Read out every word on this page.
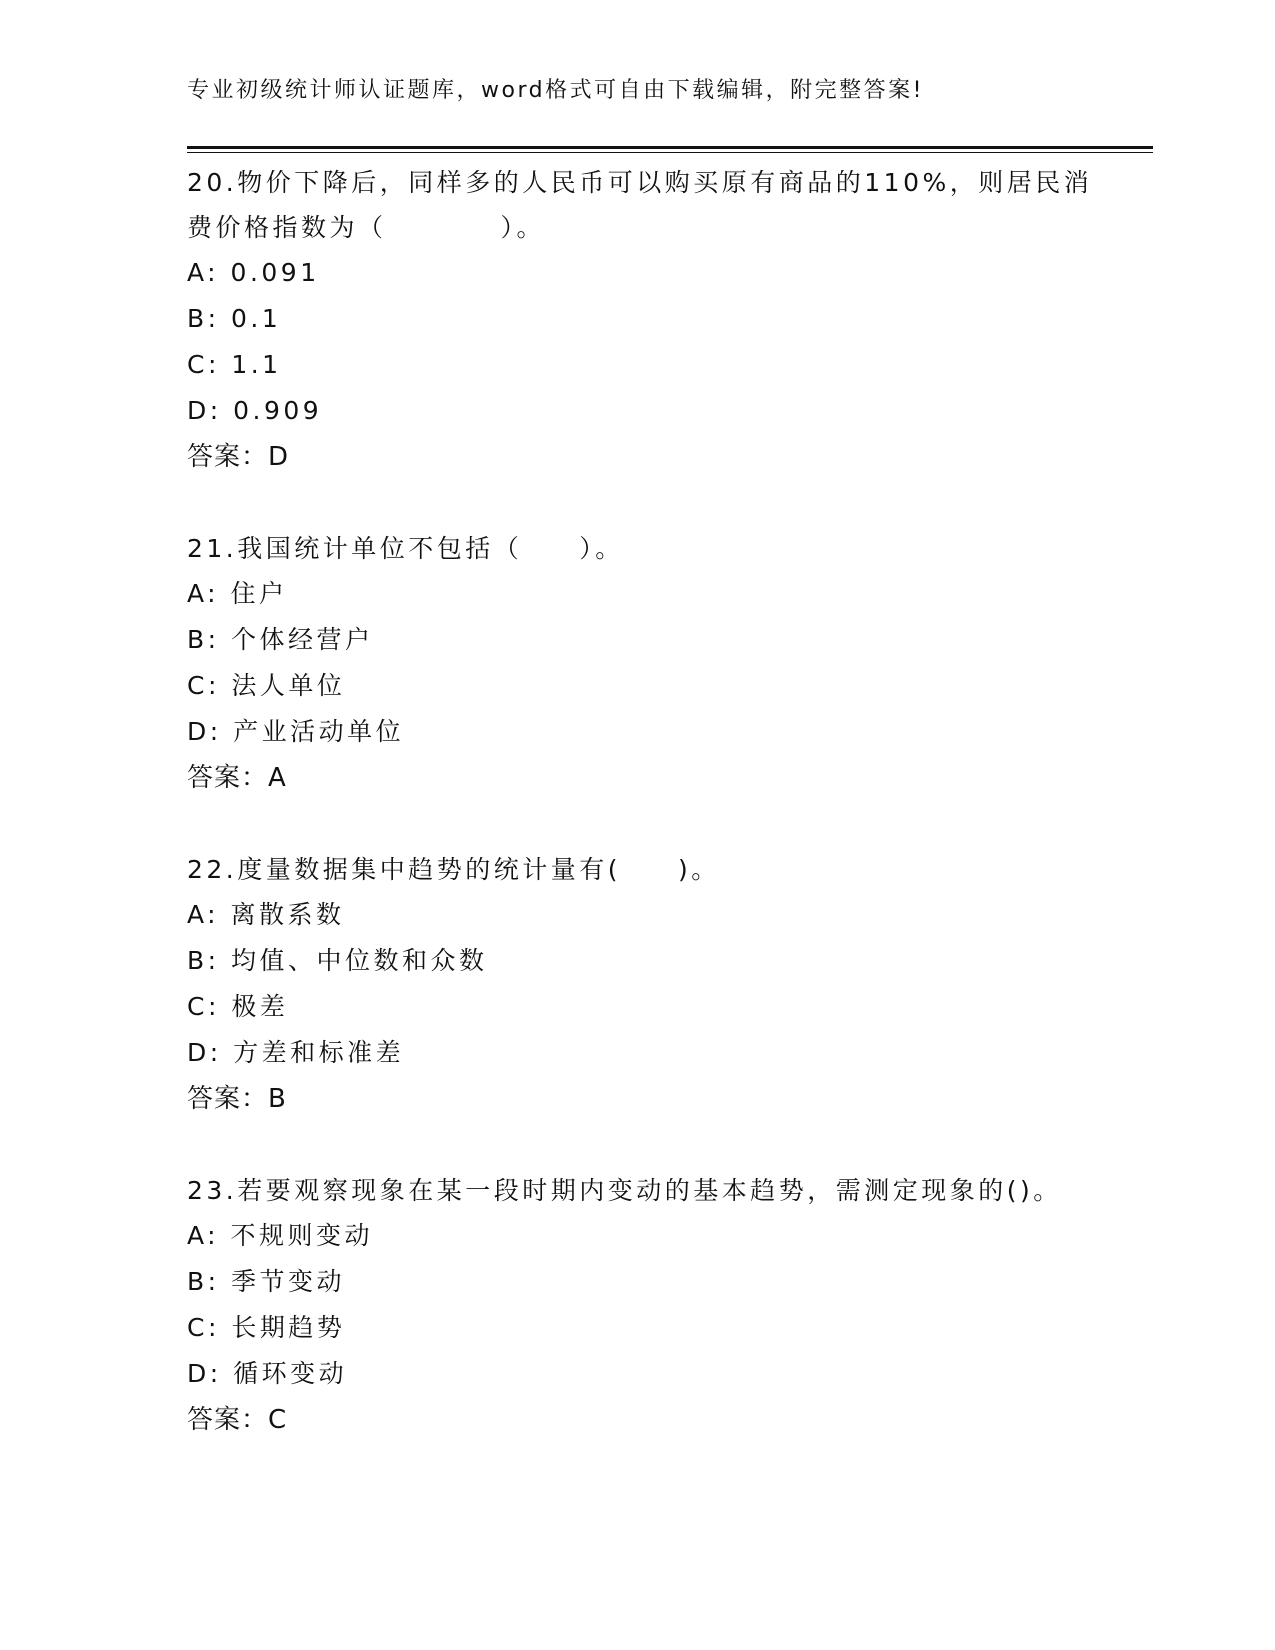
专业初级统计师认证题库，word格式可自由下载编辑，附完整答案!

20.物价下降后，同样多的人民币可以购买原有商品的110%，则居民消费价格指数为（　　　　）。

A: 0.091
B: 0.1
C: 1.1
D: 0.909

答案：D

21.我国统计单位不包括（　　）。

A: 住户
B: 个体经营户
C: 法人单位
D: 产业活动单位

答案：A

22.度量数据集中趋势的统计量有(　　)。

A: 离散系数
B: 均值、中位数和众数
C: 极差
D: 方差和标准差

答案：B

23.若要观察现象在某一段时期内变动的基本趋势，需测定现象的()。

A: 不规则变动
B: 季节变动
C: 长期趋势
D: 循环变动

答案：C
